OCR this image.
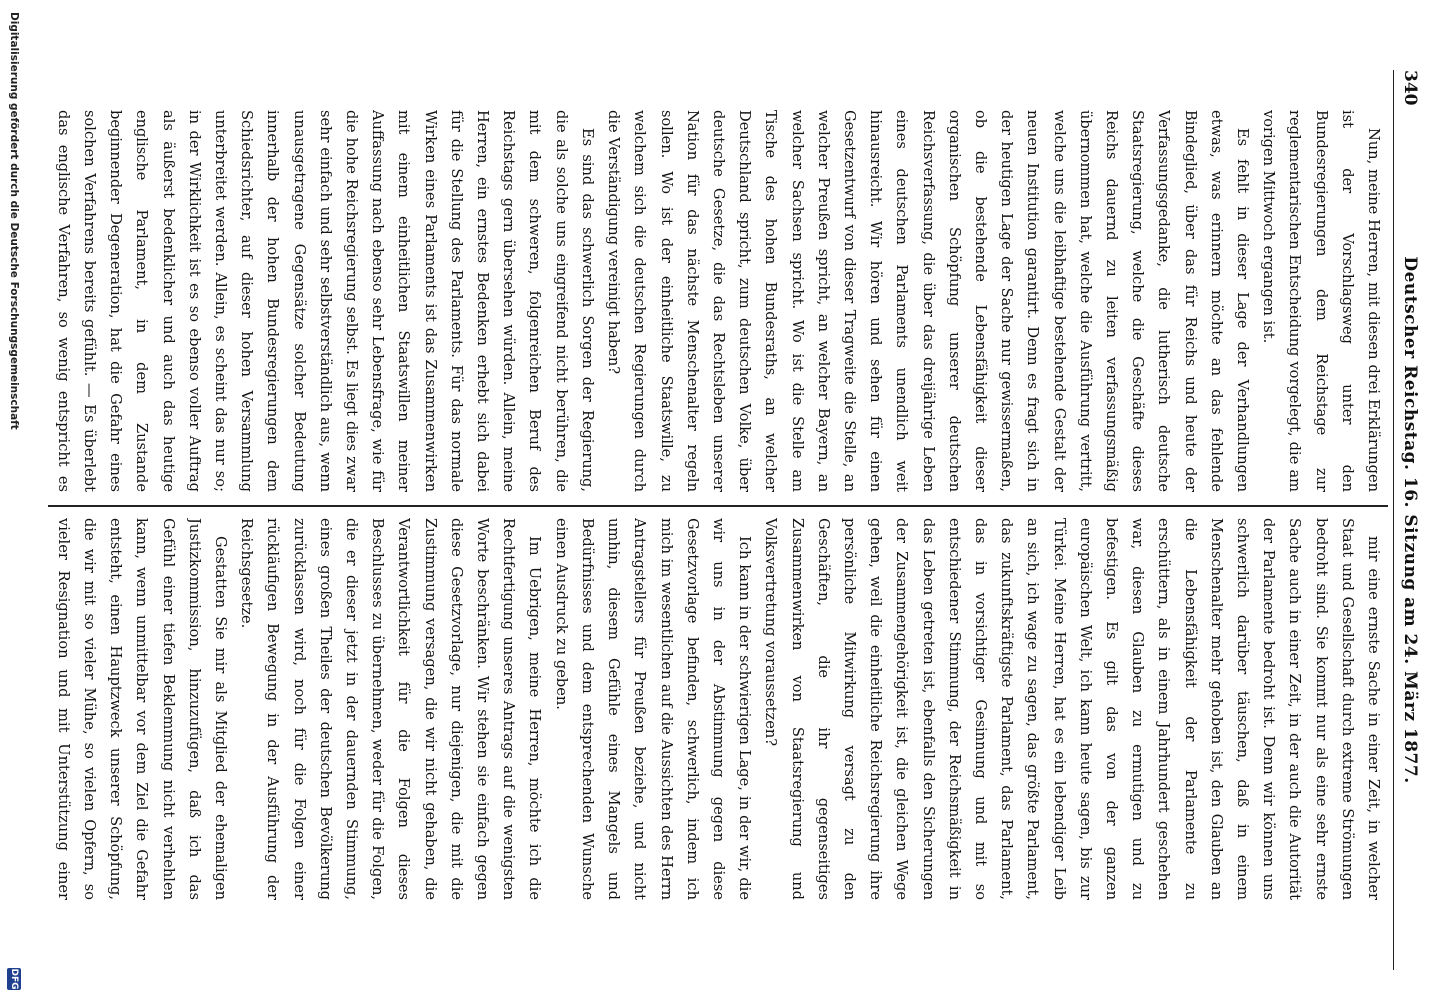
340
Deutscher Reichstag. 16. Sitzung am 24. März 1877.

Nun, meine Herren, mit diesen drei Erklärungen ist der Vorschlagsweg unter den Bundesregierungen dem Reichstage zur reglementarischen Entscheidung vorgelegt, die am vorigen Mittwoch ergangen ist.

Es fehlt in dieser Lage der Verhandlungen etwas, was erinnern möchte an das fehlende Bindeglied, über das für Reichs und heute der Verfassungsgedanke, die lutherisch deutsche Staatsregierung, welche die Geschäfte dieses Reichs dauernd zu leiten verfassungsmäßig übernommen hat, welche die Ausführung vertritt, welche uns die leibhaftige bestehende Gestalt der neuen Institution garantirt. Denn es fragt sich in der heutigen Lage der Sache nur gewissermaßen, ob die bestehende Lebensfähigkeit dieser organischen Schöpfung unserer deutschen Reichsverfassung, die über das dreijährige Leben eines deutschen Parlaments unendlich weit hinausreicht. Wir hören und sehen für einen Gesetzentwurf von dieser Tragweite die Stelle, an welcher Preußen spricht, an welcher Bayern, an welcher Sachsen spricht. Wo ist die Stelle am Tische des hohen Bundesraths, an welcher Deutschland spricht, zum deutschen Volke, über deutsche Gesetze, die das Rechtsleben unserer Nation für das nächste Menschenalter regeln sollen. Wo ist der einheitliche Staatswille, zu welchem sich die deutschen Regierungen durch die Verständigung vereinigt haben?

Es sind das schwerlich Sorgen der Regierung, die als solche uns eingreifend nicht berühren, die mit dem schweren, folgenreichen Beruf des Reichstags gern übersehen würden. Allein, meine Herren, ein ernstes Bedenken erhebt sich dabei für die Stellung des Parlaments. Für das normale Wirken eines Parlaments ist das Zusammenwirken mit einem einheitlichen Staatswillen meiner Auffassung nach ebenso sehr Lebensfrage, wie für die hohe Reichsregierung selbst. Es liegt dies zwar sehr einfach und sehr selbstverständlich aus, wenn unausgetragene Gegensätze solcher Bedeutung innerhalb der hohen Bundesregierungen dem Schiedsrichter, auf dieser hohen Versammlung unterbreitet werden. Allein, es scheint das nur so; in der Wirklichkeit ist es so ebenso voller Auftrag als äußerst bedenklicher und auch das heutige englische Parlament, in dem Zustande beginnender Degeneration, hat die Gefahr eines solchen Verfahrens bereits gefühlt. — Es überlebt das englische Verfahren, so wenig entspricht es

mir eine ernste Sache in einer Zeit, in welcher Staat und Gesellschaft durch extreme Strömungen bedroht sind. Sie kommt nur als eine sehr ernste Sache auch in einer Zeit, in der auch die Autorität der Parlamente bedroht ist. Denn wir können uns schwerlich darüber täuschen, daß in einem Menschenalter mehr gehoben ist, den Glauben an die Lebensfähigkeit der Parlamente zu erschüttern, als in einem Jahrhundert geschehen war, diesen Glauben zu ermutigen und zu befestigen. Es gilt das von der ganzen europäischen Welt, ich kann heute sagen, bis zur Türkei. Meine Herren, hat es ein lebendiger Leib an sich, ich wage zu sagen, das größte Parlament, das zukunftskräftigste Parlament, das Parlament, das in vorsichtiger Gesinnung und mit so entschiedener Stimmung, der Reichsmäßigkeit in das Leben getreten ist, ebenfalls den Sicherungen der Zusammengehörigkeit ist, die gleichen Wege gehen, weil die einheitliche Reichsregierung ihre persönliche Mitwirkung versagt zu den Geschäften, die ihr gegenseitiges Zusammenwirken von Staatsregierung und Volksvertretung voraussetzen?

Ich kann in der schwierigen Lage, in der wir, die wir uns in der Abstimmung gegen diese Gesetzvorlage befinden, schwerlich, indem ich mich im wesentlichen auf die Aussichten des Herrn Antragstellers für Preußen beziehe, und nicht umhin, diesem Gefühle eines Mangels und Bedürfnisses und dem entsprechenden Wunsche einen Ausdruck zu geben.

Im Uebrigen, meine Herren, möchte ich die Rechtfertigung unseres Antrags auf die wenigsten Worte beschränken. Wir stehen sie einfach gegen diese Gesetzvorlage, nur diejenigen, die mit die Zustimmung versagen, die wir nicht gehaben, die Verantwortlichkeit für die Folgen dieses Beschlusses zu übernehmen, weder für die Folgen, die er dieser jetzt in der dauernden Stimmung, eines großen Theiles der deutschen Bevölkerung zurücklassen wird, noch für die Folgen einer rückläufigen Bewegung in der Ausführung der Reichsgesetze.

Gestatten Sie mir als Mitglied der ehemaligen Justizkommission, hinzuzufügen, daß ich das Gefühl einer tiefen Beklemmung nicht verhehlen kann, wenn unmittelbar vor dem Ziel die Gefahr entsteht, einen Hauptzweck unserer Schöpfung, die wir mit so vieler Mühe, so vielen Opfern, so vieler Resignation und mit Unterstützung einer

Digitalisierung gefördert durch die Deutsche Forschungsgemeinschaft
DFG
